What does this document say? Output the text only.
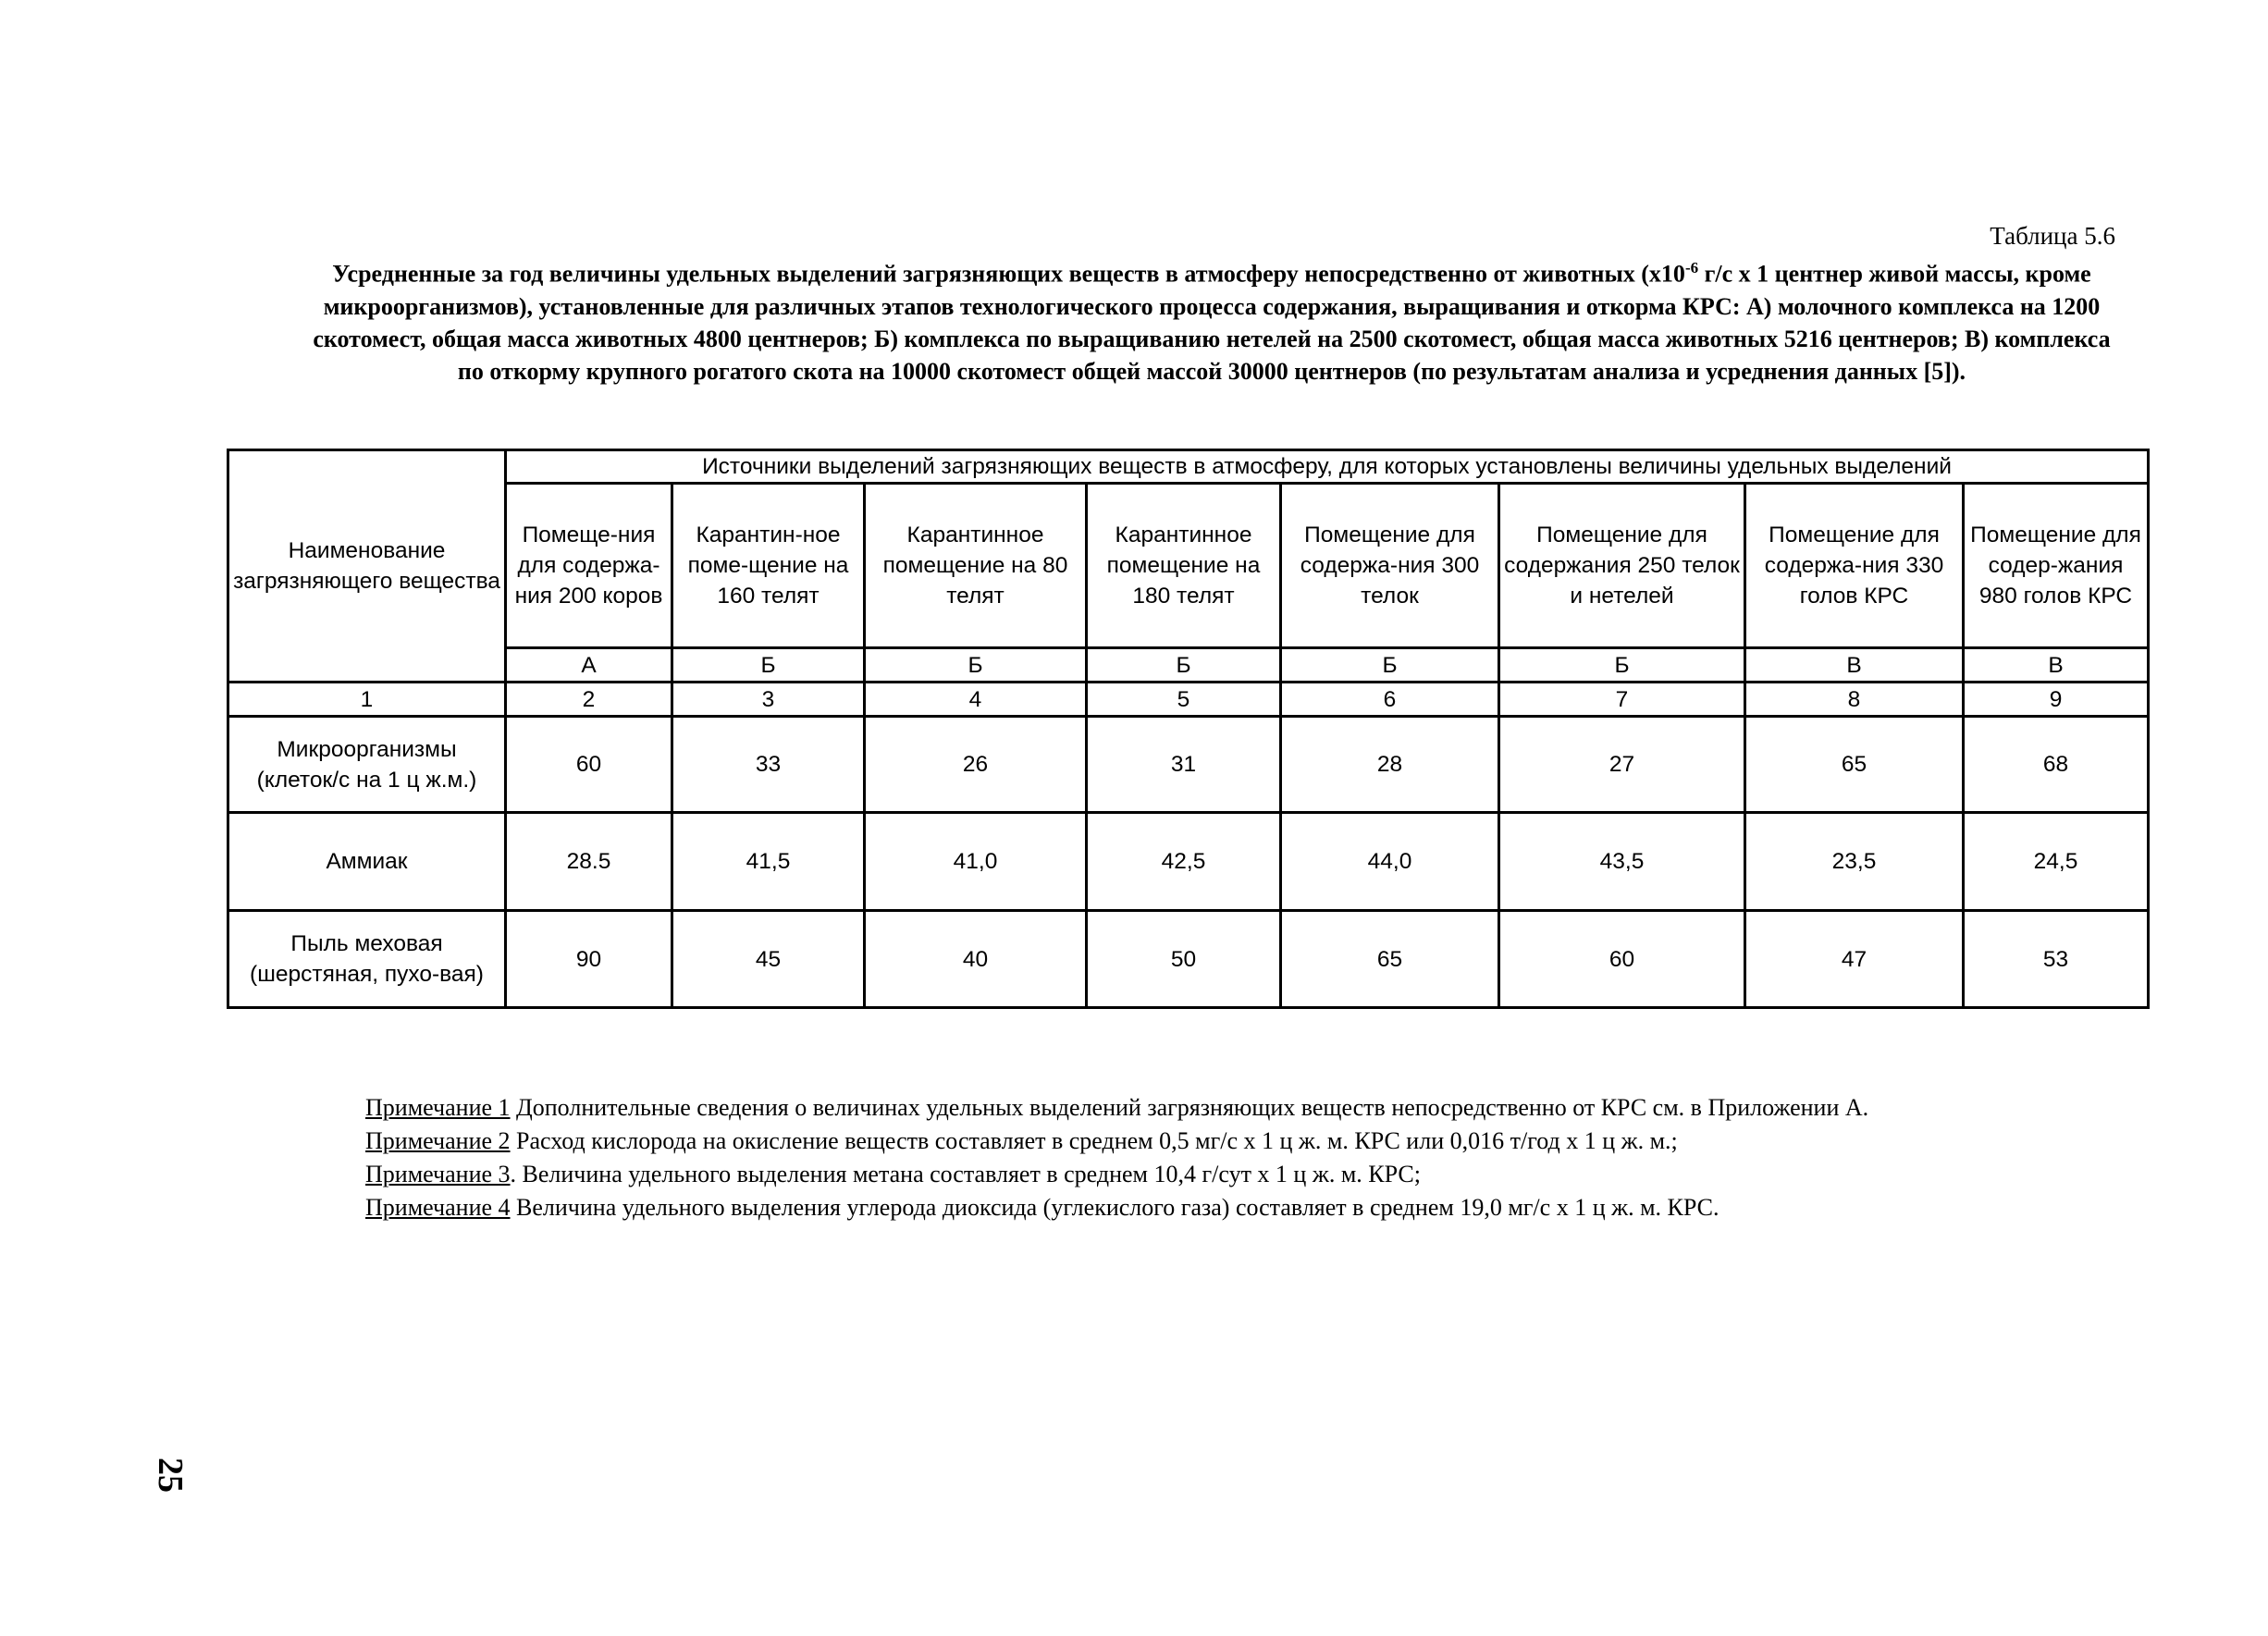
Таблица 5.6
Усредненные за год величины удельных выделений загрязняющих веществ в атмосферу непосредственно от животных ($х10^{-6}$ г/с х 1 центнер живой массы, кроме микроорганизмов), установленные для различных этапов технологического процесса содержания, выращивания и откорма КРС: А) молочного комплекса на 1200 скотомест, общая масса животных 4800 центнеров; Б) комплекса по выращиванию нетелей на 2500 скотомест, общая масса животных 5216 центнеров; В) комплекса по откорму крупного рогатого скота на 10000 скотомест общей массой 30000 центнеров (по результатам анализа и усреднения данных [5]).
Наименование загрязняющего вещества	Источники выделений загрязняющих веществ в атмосферу, для которых установлены величины удельных выделений							
	Помеще-ния для содержа-ния 200 коров	Карантин-ное поме-щение на 160 телят	Карантинное помещение на 80 телят	Карантинное помещение на 180 телят	Помещение для содержа-ния 300 телок	Помещение для содержания 250 телок и нетелей	Помещение для содержа-ния 330 голов КРС	Помещение для содер-жания 980 голов КРС
	А	Б	Б	Б	Б	Б	В	В
1	2	3	4	5	6	7	8	9
Микроорганизмы (клеток/с на 1 ц ж.м.)	60	33	26	31	28	27	65	68
Аммиак	28.5	41,5	41,0	42,5	44,0	43,5	23,5	24,5
Пыль меховая (шерстяная, пухо-вая)	90	45	40	50	65	60	47	53
Примечание 1 Дополнительные сведения о величинах удельных выделений загрязняющих веществ непосредственно от КРС см. в Приложении А.
Примечание 2 Расход кислорода на окисление веществ составляет в среднем 0,5 мг/с х 1 ц ж. м. КРС или 0,016 т/год х 1 ц ж. м.;
Примечание 3. Величина удельного выделения метана составляет в среднем 10,4 г/сут х 1 ц ж. м. КРС;
Примечание 4 Величина удельного выделения углерода диоксида (углекислого газа) составляет в среднем 19,0 мг/с х 1 ц ж. м. КРС.
25
